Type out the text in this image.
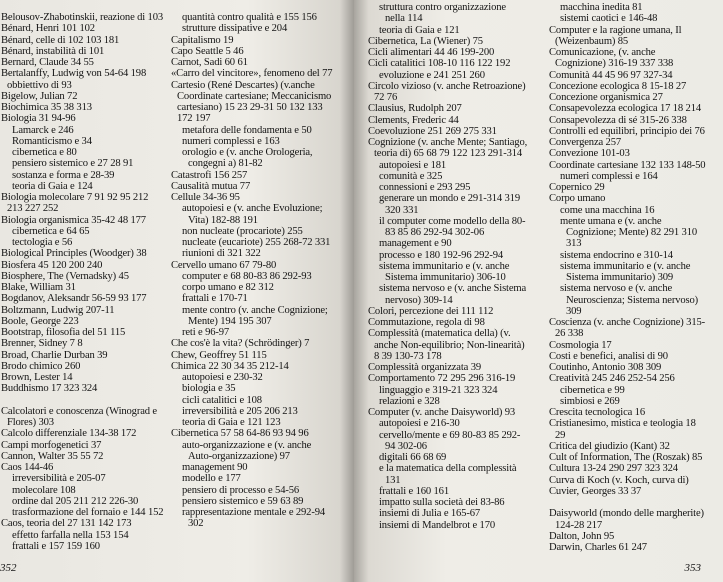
Belousov-Zhabotinskii, reazione di 103
Bénard, Henri 101 102
Bénard, celle di 102 103 181
Bénard, instabilità di 101
Bernard, Claude 34 55
Bertalanffy, Ludwig von 54-64 198 obbiettivo di 93
Bigelow, Julian 72
Biochimica 35 38 313
Biologia 31 94-96
Lamarck e 246
Romanticismo e 34
cibernetica e 80
pensiero sistemico e 27 28 91
sostanza e forma e 28-39
teoria di Gaia e 124
Biologia molecolare 7 91 92 95 212 213 227 252
Biologia organismica 35-42 48 177
cibernetica e 64 65
tectologia e 56
Biological Principles (Woodger) 38
Biosfera 45 120 200 240
Biosphere, The (Vernadsky) 45
Blake, William 31
Bogdanov, Aleksandr 56-59 93 177
Boltzmann, Ludwig 207-11
Boole, George 223
Bootstrap, filosofia del 51 115
Brenner, Sidney 7 8
Broad, Charlie Durban 39
Brodo chimico 260
Brown, Lester 14
Buddhismo 17 323 324

Calcolatori e conoscenza (Winograd e Flores) 303
Calcolo differenziale 134-38 172
Campi morfogenetici 37
Cannon, Walter 35 55 72
Caos 144-46
irreversibilità e 205-07
molecolare 108
ordine dal 205 211 212 226-30
trasformazione del fornaio e 144 152
Caos, teoria del 27 131 142 173
effetto farfalla nella 153 154
frattali e 157 159 160
quantità contro qualità e 155 156
strutture dissipative e 204
Capitalismo 19
Capo Seattle 5 46
Carnot, Sadi 60 61
«Carro del vincitore», fenomeno del 77
Cartesio (René Descartes) (v.anche Coordinate cartesiane; Meccanicismo cartesiano) 15 23 29-31 50 132 133 172 197
metafora delle fondamenta e 50
numeri complessi e 163
orologio e (v. anche Orologeria, congegni a) 81-82
Catastrofi 156 257
Causalità mutua 77
Cellule 34-36 95
autopoiesi e (v. anche Evoluzione; Vita) 182-88 191
non nucleate (procariote) 255
nucleate (eucariote) 255 268-72 331
riunioni di 321 322
Cervello umano 67 79-80
computer e 68 80-83 86 292-93
corpo umano e 82 312
frattali e 170-71
mente contro (v. anche Cognizione; Mente) 194 195 307
reti e 96-97
Che cos'è la vita? (Schrödinger) 7
Chew, Geoffrey 51 115
Chimica 22 30 34 35 212-14
autopoiesi e 230-32
biologia e 35
cicli catalitici e 108
irreversibilità e 205 206 213
teoria di Gaia e 121 123
Cibernetica 57 58 64-86 93 94 96
auto-organizzazione e (v. anche Auto-organizzazione) 97
management 90
modello e 177
pensiero di processo e 54-56
pensiero sistemico e 59 63 89
rappresentazione mentale e 292-94 302
352
struttura contro organizzazione nella 114
teoria di Gaia e 121
Cibernetica, La (Wiener) 75
Cicli alimentari 44 46 199-200
Cicli catalitici 108-10 116 122 192
evoluzione e 241 251 260
Circolo vizioso (v. anche Retroazione) 72 76
Clausius, Rudolph 207
Clements, Frederic 44
Coevoluzione 251 269 275 331
Cognizione (v. anche Mente; Santiago, teoria di) 65 68 79 122 123 291-314
autopoiesi e 181
comunità e 325
connessioni e 293 295
generare un mondo e 291-314 319 320 331
il computer come modello della 80-83 85 86 292-94 302-06
management e 90
processo e 180 192-96 292-94
sistema immunitario e (v. anche Sistema immunitario) 306-10
sistema nervoso e (v. anche Sistema nervoso) 309-14
Colori, percezione dei 111 112
Commutazione, regola di 98
Complessità (matematica della) (v. anche Non-equilibrio; Non-linearità) 8 39 130-73 178
Complessità organizzata 39
Comportamento 72 295 296 316-19
linguaggio e 319-21 323 324
relazioni e 328
Computer (v. anche Daisyworld) 93
autopoiesi e 216-30
cervello/mente e 69 80-83 85 292-94 302-06
digitali 66 68 69
e la matematica della complessità 131
frattali e 160 161
impatto sulla società dei 83-86
insiemi di Julia e 165-67
insiemi di Mandelbrot e 170
macchina inedita 81
sistemi caotici e 146-48
Computer e la ragione umana, Il (Weizenbaum) 85
Comunicazione, (v. anche Cognizione) 316-19 337 338
Comunità 44 45 96 97 327-34
Concezione ecologica 8 15-18 27
Concezione organismica 27
Consapevolezza ecologica 17 18 214
Consapevolezza di sé 315-26 338
Controlli ed equilibri, principio dei 76
Convergenza 257
Convezione 101-03
Coordinate cartesiane 132 133 148-50
numeri complessi e 164
Copernico 29
Corpo umano
come una macchina 16
mente umana e (v. anche Cognizione; Mente) 82 291 310 313
sistema endocrino e 310-14
sistema immunitario e (v. anche Sistema immunitario) 309
sistema nervoso e (v. anche Neuroscienza; Sistema nervoso) 309
Coscienza (v. anche Cognizione) 315-26 338
Cosmologia 17
Costi e benefici, analisi di 90
Coutinho, Antonio 308 309
Creatività 245 246 252-54 256
cibernetica e 99
simbiosi e 269
Crescita tecnologica 16
Cristianesimo, mistica e teologia 18 29
Critica del giudizio (Kant) 32
Cult of Information, The (Roszak) 85
Cultura 13-24 290 297 323 324
Curva di Koch (v. Koch, curva di)
Cuvier, Georges 33 37

Daisyworld (mondo delle margherite) 124-28 217
Dalton, John 95
Darwin, Charles 61 247
353
